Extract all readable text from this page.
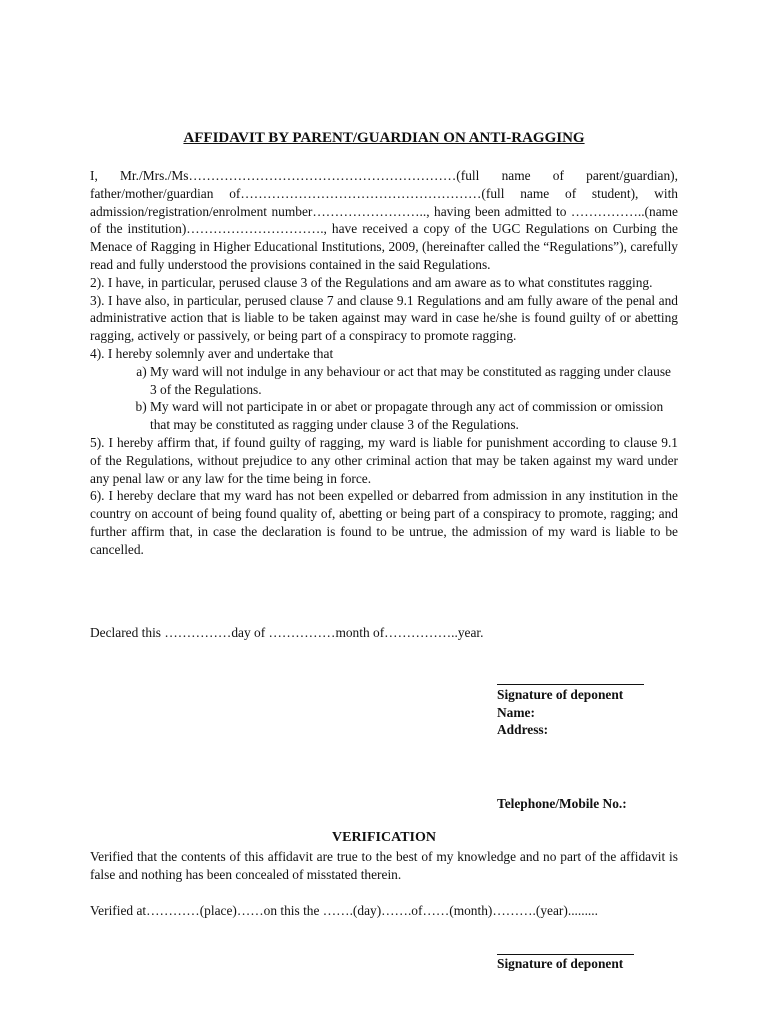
AFFIDAVIT BY PARENT/GUARDIAN ON ANTI-RAGGING

I, Mr./Mrs./Ms……………………………………………………(full name of parent/guardian), father/mother/guardian of………………………………………………(full name of student), with admission/registration/enrolment number…………………….., having been admitted to ……………..(name of the institution)…………………………., have received a copy of the UGC Regulations on Curbing the Menace of Ragging in Higher Educational Institutions, 2009, (hereinafter called the “Regulations”), carefully read and fully understood the provisions contained in the said Regulations.

2). I have, in particular, perused clause 3 of the Regulations and am aware as to what constitutes ragging.

3). I have also, in particular, perused clause 7 and clause 9.1 Regulations and am fully aware of the penal and administrative action that is liable to be taken against may ward in case he/she is found guilty of or abetting ragging, actively or passively, or being part of a conspiracy to promote ragging.

4). I hereby solemnly aver and undertake that

a. My ward will not indulge in any behaviour or act that may be constituted as ragging under clause 3 of the Regulations.
b. My ward will not participate in or abet or propagate through any act of commission or omission that may be constituted as ragging under clause 3 of the Regulations.

5). I hereby affirm that, if found guilty of ragging, my ward is liable for punishment according to clause 9.1 of the Regulations, without prejudice to any other criminal action that may be taken against my ward under any penal law or any law for the time being in force.

6). I hereby declare that my ward has not been expelled or debarred from admission in any institution in the country on account of being found quality of, abetting or being part of a conspiracy to promote, ragging; and further affirm that, in case the declaration is found to be untrue, the admission of my ward is liable to be cancelled.

Declared this ……………day of ……………month of……………..year.
Signature of deponent
Name:
Address:
Telephone/Mobile No.:
VERIFICATION
Verified that the contents of this affidavit are true to the best of my knowledge and no part of the affidavit is false and nothing has been concealed of misstated therein.
Verified at…………(place)……on this the …….(day)…….of……(month)……….(year).........
Signature of deponent
